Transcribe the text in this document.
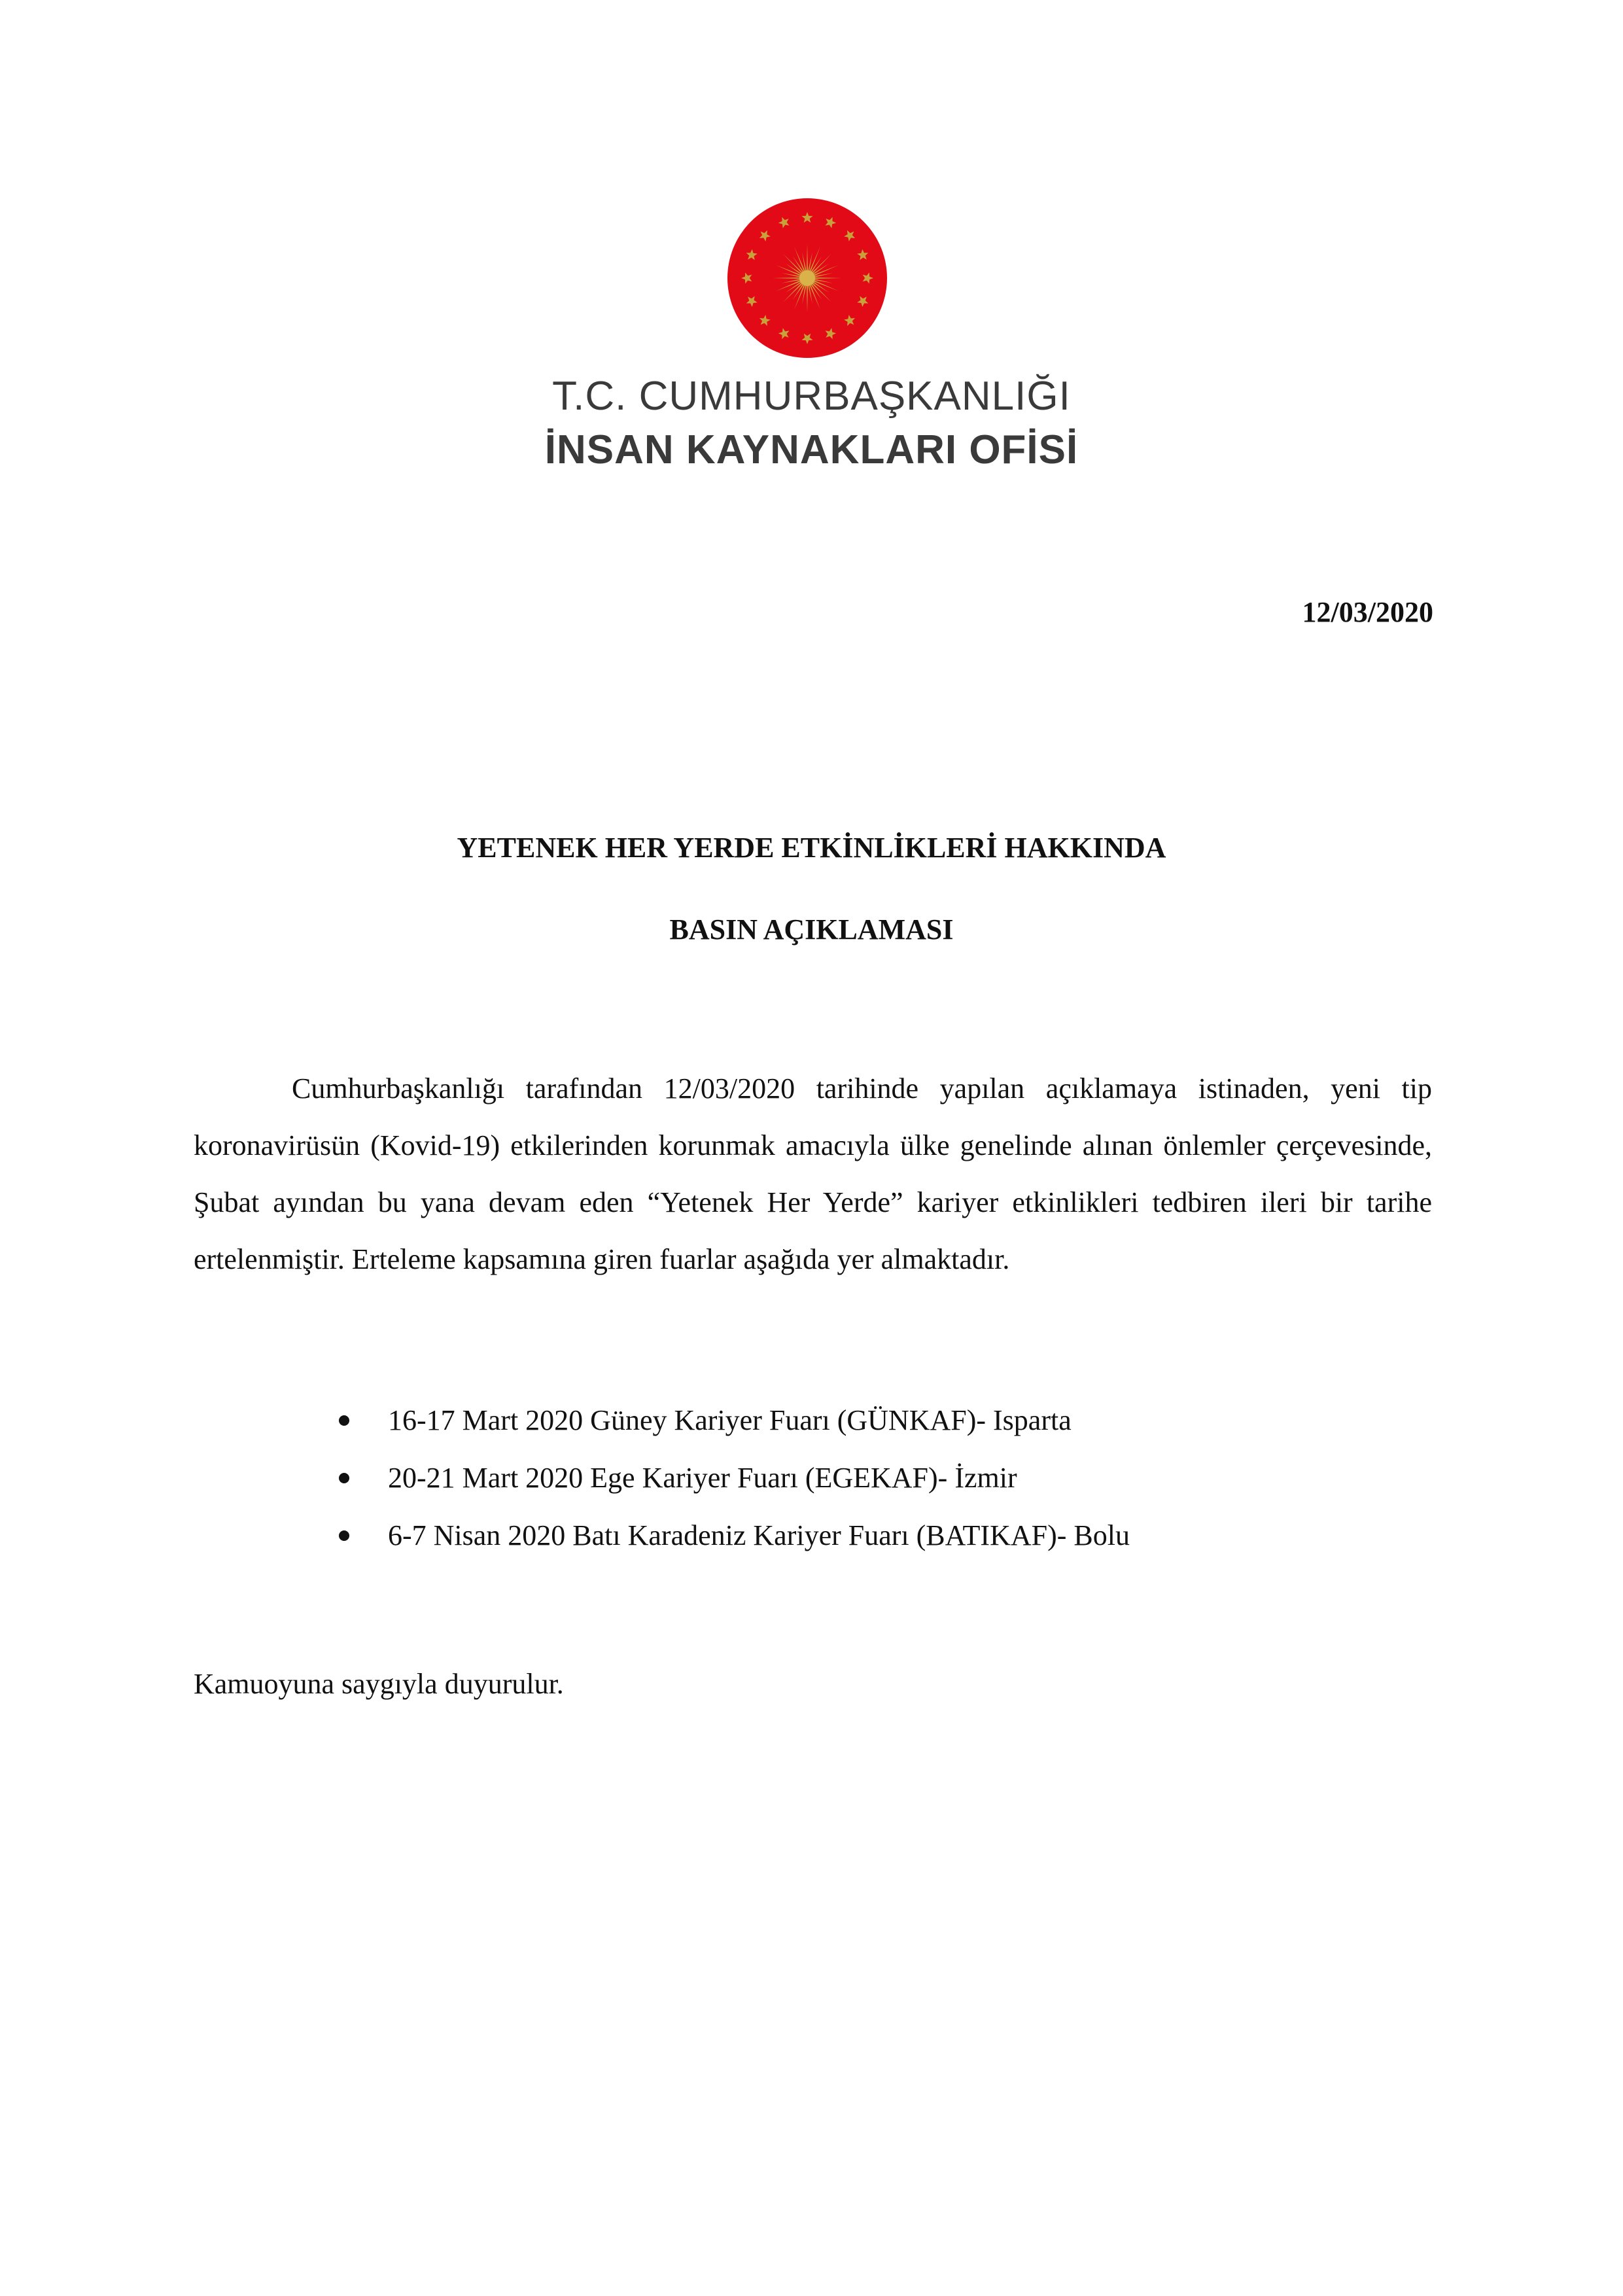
T.C. CUMHURBAŞKANLIĞI
İNSAN KAYNAKLARI OFİSİ
12/03/2020
YETENEK HER YERDE ETKİNLİKLERİ HAKKINDA
BASIN AÇIKLAMASI
Cumhurbaşkanlığı tarafından 12/03/2020 tarihinde yapılan açıklamaya istinaden, yeni tip koronavirüsün (Kovid-19) etkilerinden korunmak amacıyla ülke genelinde alınan önlemler çerçevesinde, Şubat ayından bu yana devam eden “Yetenek Her Yerde” kariyer etkinlikleri tedbiren ileri bir tarihe ertelenmiştir. Erteleme kapsamına giren fuarlar aşağıda yer almaktadır.
16-17 Mart 2020 Güney Kariyer Fuarı (GÜNKAF)- Isparta
20-21 Mart 2020 Ege Kariyer Fuarı (EGEKAF)- İzmir
6-7 Nisan 2020 Batı Karadeniz Kariyer Fuarı (BATIKAF)- Bolu
Kamuoyuna saygıyla duyurulur.
